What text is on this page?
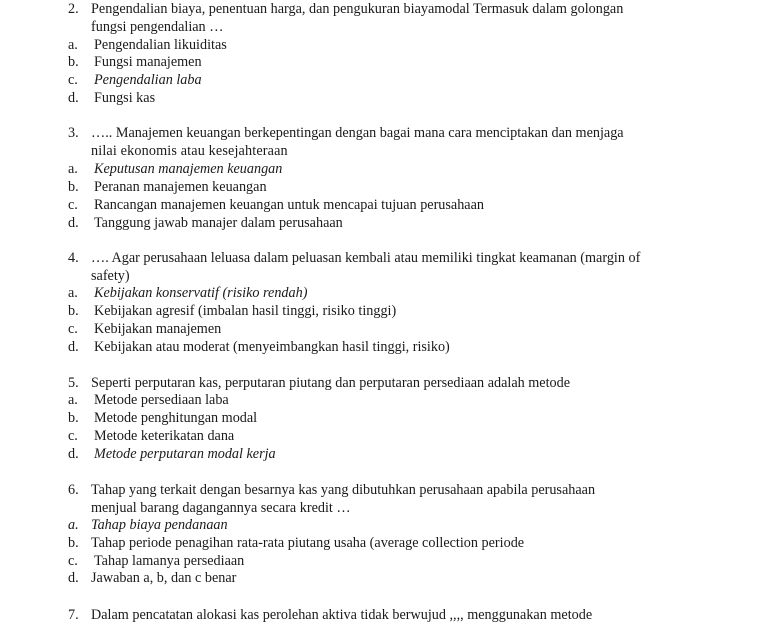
2. Pengendalian biaya, penentuan harga, dan pengukuran biayamodal Termasuk dalam golongan
fungsi pengendalian …
a. Pengendalian likuiditas
b. Fungsi manajemen
c. Pengendalian laba
d. Fungsi kas
3. ….. Manajemen keuangan berkepentingan dengan bagai mana cara menciptakan dan menjaga
nilai ekonomis atau kesejahteraan
a. Keputusan manajemen keuangan
b. Peranan manajemen keuangan
c. Rancangan manajemen keuangan untuk mencapai tujuan perusahaan
d. Tanggung jawab manajer dalam perusahaan
4. …. Agar perusahaan leluasa dalam peluasan kembali atau memiliki tingkat keamanan (margin of
safety)
a. Kebijakan konservatif (risiko rendah)
b. Kebijakan agresif (imbalan hasil tinggi, risiko tinggi)
c. Kebijakan manajemen
d. Kebijakan atau moderat (menyeimbangkan hasil tinggi, risiko)
5. Seperti perputaran kas, perputaran piutang dan perputaran persediaan adalah metode
a. Metode persediaan laba
b. Metode penghitungan modal
c. Metode keterikatan dana
d. Metode perputaran modal kerja
6. Tahap yang terkait dengan besarnya kas yang dibutuhkan perusahaan apabila perusahaan
menjual barang dagangannya secara kredit …
a. Tahap biaya pendanaan
b. Tahap periode penagihan rata-rata piutang usaha (average collection periode
c. Tahap lamanya persediaan
d. Jawaban a, b, dan c benar
7. Dalam pencatatan alokasi kas perolehan aktiva tidak berwujud ,,,, menggunakan metode
